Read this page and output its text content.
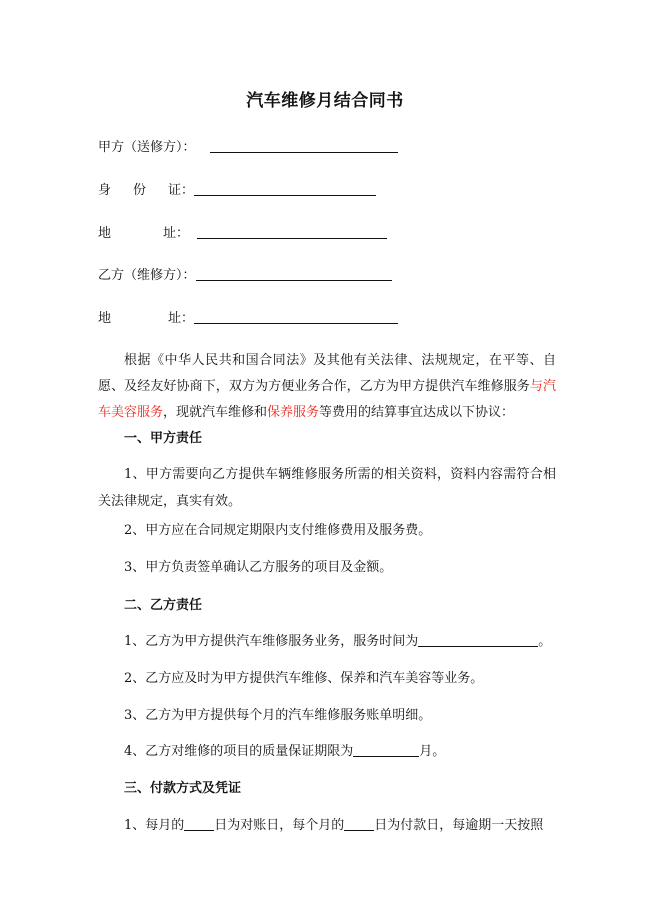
汽车维修月结合同书
甲方（送修方）：
身 份 证：
地	址：
乙方（维修方）：
地	址：
根据《中华人民共和国合同法》及其他有关法律、法规规定，在平等、自愿、及经友好协商下，双方为方便业务合作，乙方为甲方提供汽车维修服务与汽车美容服务，现就汽车维修和保养服务等费用的结算事宜达成以下协议：
一、甲方责任
1、甲方需要向乙方提供车辆维修服务所需的相关资料，资料内容需符合相关法律规定，真实有效。
2、甲方应在合同规定期限内支付维修费用及服务费。
3、甲方负责签单确认乙方服务的项目及金额。
二、乙方责任
1、乙方为甲方提供汽车维修服务业务，服务时间为	。
2、乙方应及时为甲方提供汽车维修、保养和汽车美容等业务。
3、乙方为甲方提供每个月的汽车维修服务账单明细。
4、乙方对维修的项目的质量保证期限为	月。
三、付款方式及凭证
1、每月的 日为对账日，每个月的 日为付款日，每逾期一天按照
